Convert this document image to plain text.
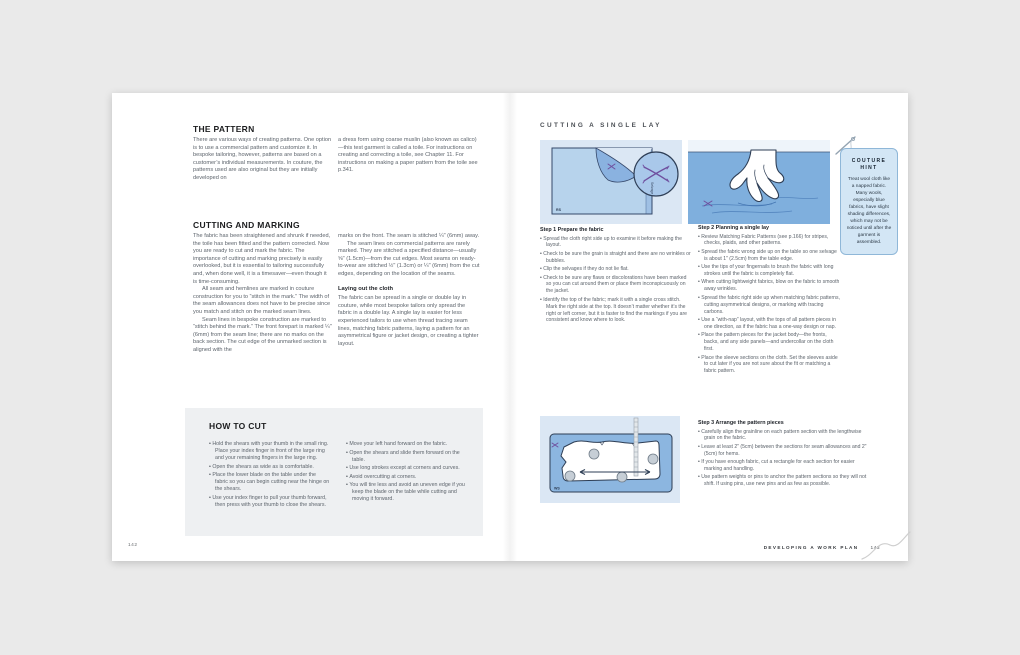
THE PATTERN

There are various ways of creating patterns. One option is to use a commercial pattern and customize it. In bespoke tailoring, however, patterns are based on a customer’s individual measurements. In couture, the patterns used are also original but they are initially developed on

a dress form using coarse muslin (also known as calico)—this test garment is called a toile. For instructions on creating and correcting a toile, see Chapter 11. For instructions on making a paper pattern from the toile see p.341.

CUTTING AND MARKING

The fabric has been straightened and shrunk if needed, the toile has been fitted and the pattern corrected. Now you are ready to cut and mark the fabric. The importance of cutting and marking precisely is easily overlooked, but it is essential to tailoring successfully and, when done well, it is a timesaver—even though it is time-consuming.

All seam and hemlines are marked in couture construction for you to “stitch in the mark.” The width of the seam allowances does not have to be precise since you match and stitch on the marked seam lines.

Seam lines in bespoke construction are marked to “stitch behind the mark.” The front forepart is marked ¼" (6mm) from the seam line; there are no marks on the back section. The cut edge of the unmarked section is aligned with the

marks on the front. The seam is stitched ¼" (6mm) away.

The seam lines on commercial patterns are rarely marked. They are stitched a specified distance—usually ⅝" (1.5cm)—from the cut edges. Most seams on ready-to-wear are stitched ½" (1.3cm) or ¼" (6mm) from the cut edges, depending on the location of the seams.

Laying out the cloth

The fabric can be spread in a single or double lay in couture, while most bespoke tailors only spread the fabric in a double lay. A single lay is easier for less experienced tailors to use when thread tracing seam lines, matching fabric patterns, laying a pattern for an asymmetrical figure or jacket design, or creating a tighter layout.

HOW TO CUT
• Hold the shears with your thumb in the small ring. Place your index finger in front of the large ring and your remaining fingers in the large ring.
• Open the shears as wide as is comfortable.
• Place the lower blade on the table under the fabric so you can begin cutting near the hinge on the shears.
• Use your index finger to pull your thumb forward, then press with your thumb to close the shears.
• Move your left hand forward on the fabric.
• Open the shears and slide them forward on the table.
• Use long strokes except at corners and curves.
• Avoid overcutting at corners.
• You will tire less and avoid an uneven edge if you keep the blade on the table while cutting and moving it forward.
142
CUTTING A SINGLE LAY
Selvage
RS
COUTURE HINT

Treat wool cloth like a napped fabric. Many wools, especially blue fabrics, have slight shading differences, which may not be noticed until after the garment is assembled.

Step 1 Prepare the fabric
• Spread the cloth right side up to examine it before making the layout.
• Check to be sure the grain is straight and there are no wrinkles or bubbles.
• Clip the selvages if they do not lie flat.
• Check to be sure any flaws or discolorations have been marked so you can cut around them or place them inconspicuously on the jacket.
• Identify the top of the fabric; mark it with a single cross stitch. Mark the right side at the top. It doesn’t matter whether it’s the right or left corner, but it is faster to find the markings if you are consistent and know where to look.
Step 2 Planning a single lay
• Review Matching Fabric Patterns (see p.166) for stripes, checks, plaids, and other patterns.
• Spread the fabric wrong side up on the table so one selvage is about 1" (2.5cm) from the table edge.
• Use the tips of your fingernails to brush the fabric with long strokes until the fabric is completely flat.
• When cutting lightweight fabrics, blow on the fabric to smooth away wrinkles.
• Spread the fabric right side up when matching fabric patterns, cutting asymmetrical designs, or marking with tracing carbons.
• Use a “with-nap” layout, with the tops of all pattern pieces in one direction, as if the fabric has a one-way design or nap.
• Place the pattern pieces for the jacket body—the fronts, backs, and any side panels—and undercollar on the cloth first.
• Place the sleeve sections on the cloth. Set the sleeves aside to cut later if you are not sure about the fit or matching a fabric pattern.
WS
Step 3 Arrange the pattern pieces
• Carefully align the grainline on each pattern section with the lengthwise grain on the fabric.
• Leave at least 2" (5cm) between the sections for seam allowances and 2" (5cm) for hems.
• If you have enough fabric, cut a rectangle for each section for easier marking and handling.
• Use pattern weights or pins to anchor the pattern sections so they will not shift. If using pins, use new pins and as few as possible.
DEVELOPING A WORK PLAN	143
